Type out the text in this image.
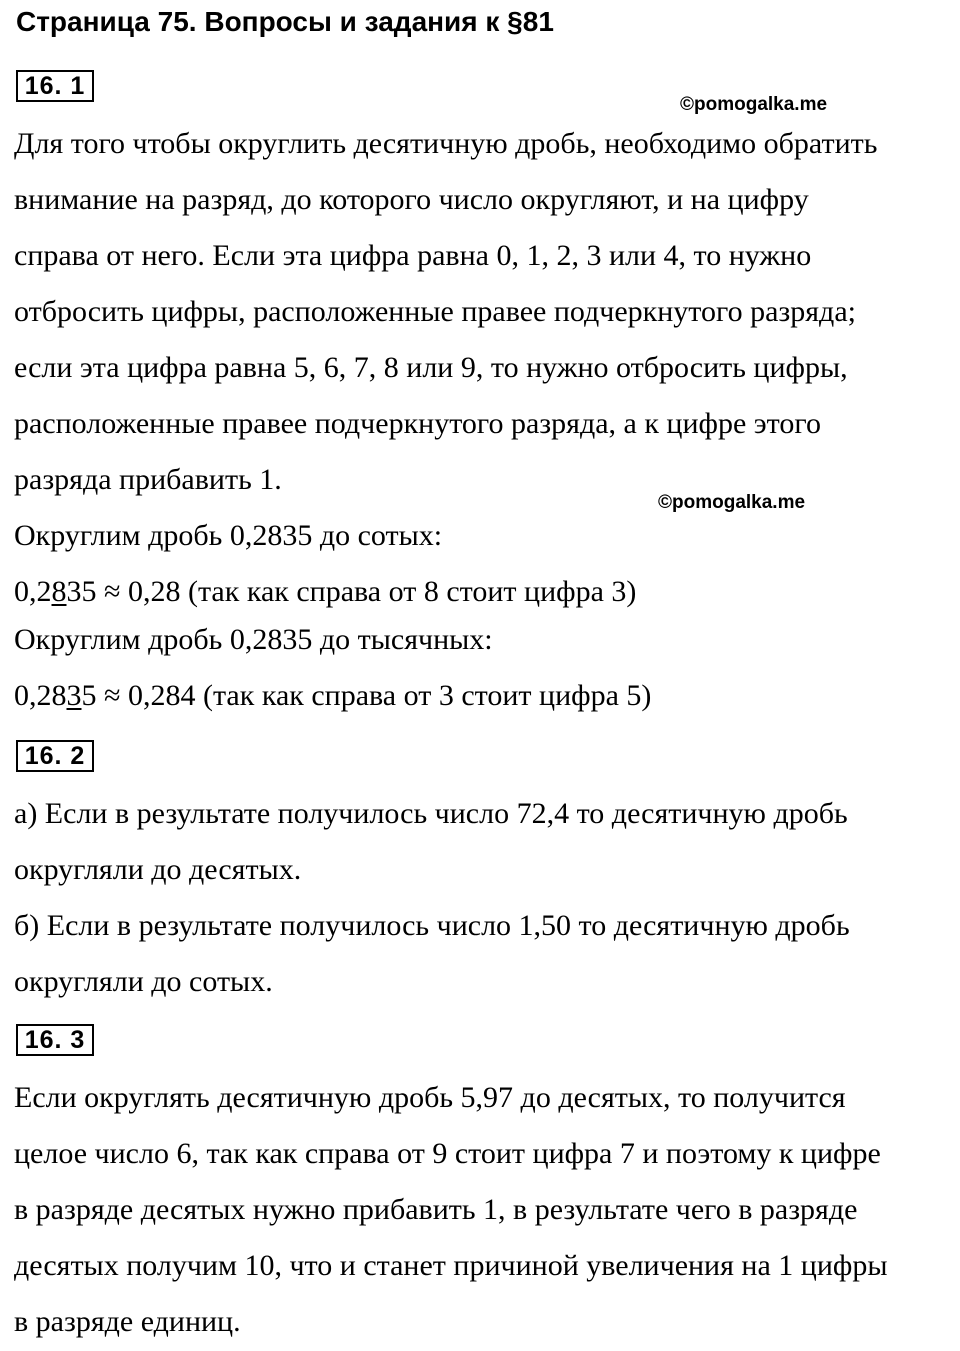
Страница 75. Вопросы и задания к §81
16. 1
©pomogalka.me
Для того чтобы округлить десятичную дробь, необходимо обратить
внимание на разряд, до которого число округляют, и на цифру
справа от него. Если эта цифра равна 0, 1, 2, 3 или 4, то нужно
отбросить цифры, расположенные правее подчеркнутого разряда;
если эта цифра равна 5, 6, 7, 8 или 9, то нужно отбросить цифры,
расположенные правее подчеркнутого разряда, а к цифре этого
разряда прибавить 1.
©pomogalka.me
Округлим дробь 0,2835 до сотых:
0,2835 ≈ 0,28 (так как справа от 8 стоит цифра 3)
Округлим дробь 0,2835 до тысячных:
0,2835 ≈ 0,284 (так как справа от 3 стоит цифра 5)
16. 2
а) Если в результате получилось число 72,4 то десятичную дробь
округляли до десятых.
б) Если в результате получилось число 1,50 то десятичную дробь
округляли до сотых.
16. 3
Если округлять десятичную дробь 5,97 до десятых, то получится
целое число 6, так как справа от 9 стоит цифра 7 и поэтому к цифре
в разряде десятых нужно прибавить 1, в результате чего в разряде
десятых получим 10, что и станет причиной увеличения на 1 цифры
в разряде единиц.
